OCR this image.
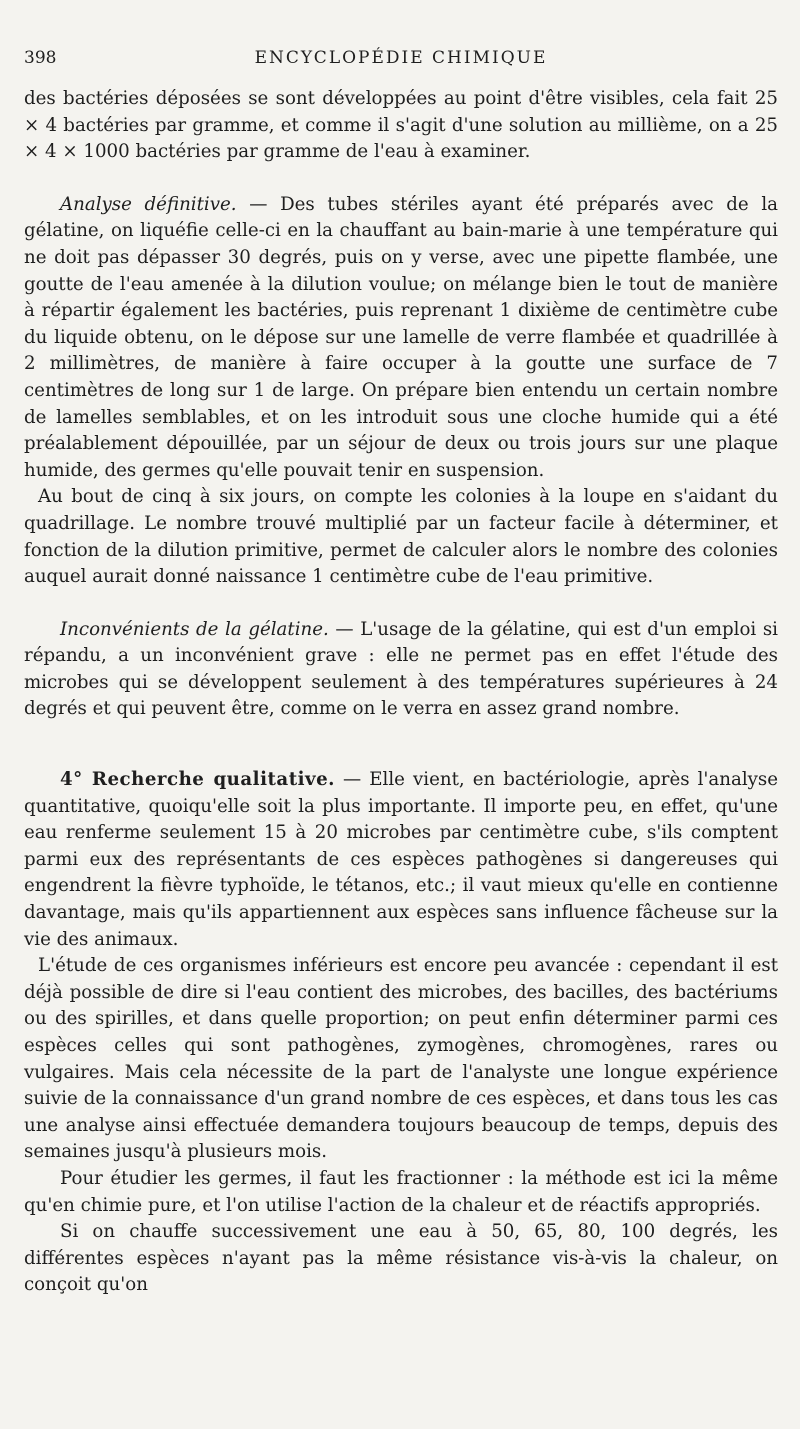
398	ENCYCLOPÉDIE CHIMIQUE

des bactéries déposées se sont développées au point d'être visibles, cela fait 25 × 4 bactéries par gramme, et comme il s'agit d'une solution au millième, on a 25 × 4 × 1000 bactéries par gramme de l'eau à examiner.

Analyse définitive. — Des tubes stériles ayant été préparés avec de la gélatine, on liquéfie celle-ci en la chauffant au bain-marie à une température qui ne doit pas dépasser 30 degrés, puis on y verse, avec une pipette flambée, une goutte de l'eau amenée à la dilution voulue; on mélange bien le tout de manière à répartir également les bactéries, puis reprenant 1 dixième de centimètre cube du liquide obtenu, on le dépose sur une lamelle de verre flambée et quadrillée à 2 millimètres, de manière à faire occuper à la goutte une surface de 7 centimètres de long sur 1 de large. On prépare bien entendu un certain nombre de lamelles semblables, et on les introduit sous une cloche humide qui a été préalablement dépouillée, par un séjour de deux ou trois jours sur une plaque humide, des germes qu'elle pouvait tenir en suspension.

Au bout de cinq à six jours, on compte les colonies à la loupe en s'aidant du quadrillage. Le nombre trouvé multiplié par un facteur facile à déterminer, et fonction de la dilution primitive, permet de calculer alors le nombre des colonies auquel aurait donné naissance 1 centimètre cube de l'eau primitive.

Inconvénients de la gélatine. — L'usage de la gélatine, qui est d'un emploi si répandu, a un inconvénient grave : elle ne permet pas en effet l'étude des microbes qui se développent seulement à des températures supérieures à 24 degrés et qui peuvent être, comme on le verra en assez grand nombre.

4° Recherche qualitative. — Elle vient, en bactériologie, après l'analyse quantitative, quoiqu'elle soit la plus importante. Il importe peu, en effet, qu'une eau renferme seulement 15 à 20 microbes par centimètre cube, s'ils comptent parmi eux des représentants de ces espèces pathogènes si dangereuses qui engendrent la fièvre typhoïde, le tétanos, etc.; il vaut mieux qu'elle en contienne davantage, mais qu'ils appartiennent aux espèces sans influence fâcheuse sur la vie des animaux.

L'étude de ces organismes inférieurs est encore peu avancée : cependant il est déjà possible de dire si l'eau contient des microbes, des bacilles, des bactériums ou des spirilles, et dans quelle proportion; on peut enfin déterminer parmi ces espèces celles qui sont pathogènes, zymogènes, chromogènes, rares ou vulgaires. Mais cela nécessite de la part de l'analyste une longue expérience suivie de la connaissance d'un grand nombre de ces espèces, et dans tous les cas une analyse ainsi effectuée demandera toujours beaucoup de temps, depuis des semaines jusqu'à plusieurs mois.

Pour étudier les germes, il faut les fractionner : la méthode est ici la même qu'en chimie pure, et l'on utilise l'action de la chaleur et de réactifs appropriés.

Si on chauffe successivement une eau à 50, 65, 80, 100 degrés, les différentes espèces n'ayant pas la même résistance vis-à-vis la chaleur, on conçoit qu'on
